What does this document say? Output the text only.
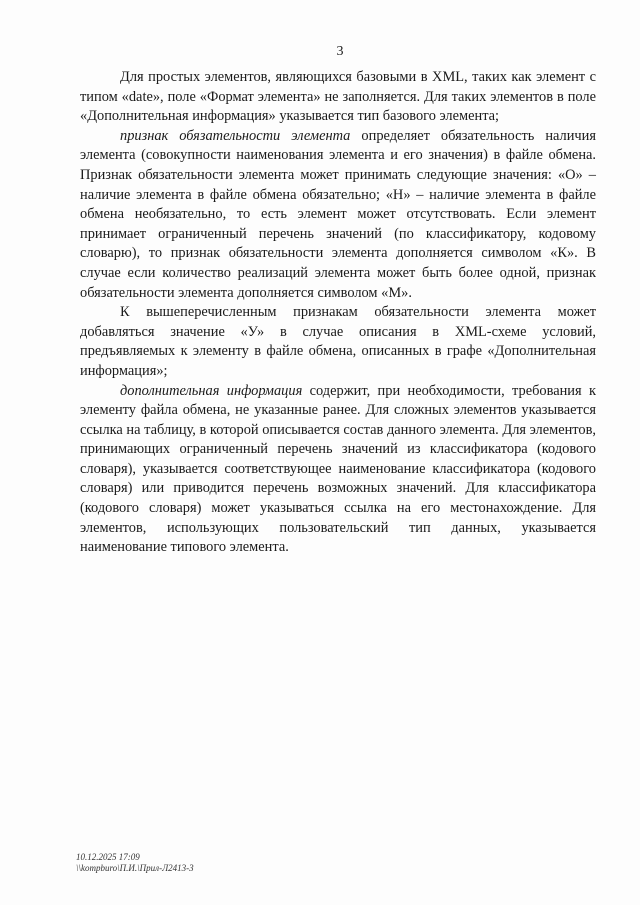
3

Для простых элементов, являющихся базовыми в XML, таких как элемент с типом «date», поле «Формат элемента» не заполняется. Для таких элементов в поле «Дополнительная информация» указывается тип базового элемента;

признак обязательности элемента определяет обязательность наличия элемента (совокупности наименования элемента и его значения) в файле обмена. Признак обязательности элемента может принимать следующие значения: «О» – наличие элемента в файле обмена обязательно; «Н» – наличие элемента в файле обмена необязательно, то есть элемент может отсутствовать. Если элемент принимает ограниченный перечень значений (по классификатору, кодовому словарю), то признак обязательности элемента дополняется символом «К». В случае если количество реализаций элемента может быть более одной, признак обязательности элемента дополняется символом «М».

К вышеперечисленным признакам обязательности элемента может добавляться значение «У» в случае описания в XML-схеме условий, предъявляемых к элементу в файле обмена, описанных в графе «Дополнительная информация»;

дополнительная информация содержит, при необходимости, требования к элементу файла обмена, не указанные ранее. Для сложных элементов указывается ссылка на таблицу, в которой описывается состав данного элемента. Для элементов, принимающих ограниченный перечень значений из классификатора (кодового словаря), указывается соответствующее наименование классификатора (кодового словаря) или приводится перечень возможных значений. Для классификатора (кодового словаря) может указываться ссылка на его местонахождение. Для элементов, использующих пользовательский тип данных, указывается наименование типового элемента.

10.12.2025 17:09
\\kompburo\П.И.\Прил-Л2413-3
